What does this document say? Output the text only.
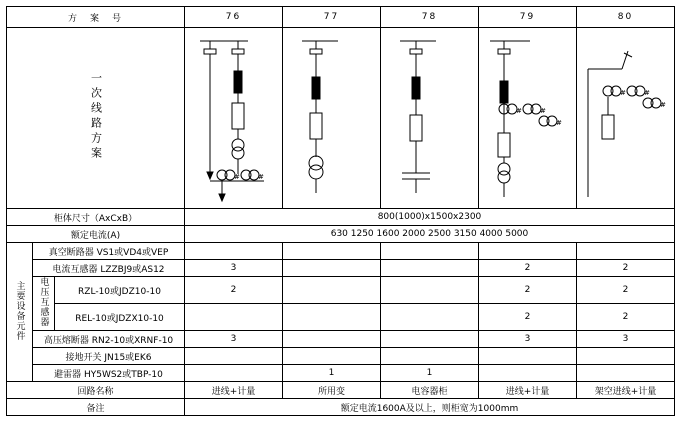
方　案　号			76	77	78	79	80
一次线路方案			# #			# #
#	# #
#

柜体尺寸（AxCxB）			800(1000)x1500x2300				
额定电流(A)			630 1250 1600 2000 2500 3150 4000 5000				
主要设备元件	真空断路器 VS1或VD4或VEP						
	电流互感器 LZZBJ9或AS12		3			2	2
	电压互感器	RZL-10或JDZ10-10	2			2	2
		REL-10或JDZX10-10				2	2
	高压熔断器 RN2-10或XRNF-10		3			3	3
	接地开关 JN15或EK6						
	避雷器 HY5WS2或TBP-10			1	1		
回路名称			进线+计量	所用变	电容器柜	进线+计量	架空进线+计量
备注			额定电流1600A及以上，则柜宽为1000mm				
